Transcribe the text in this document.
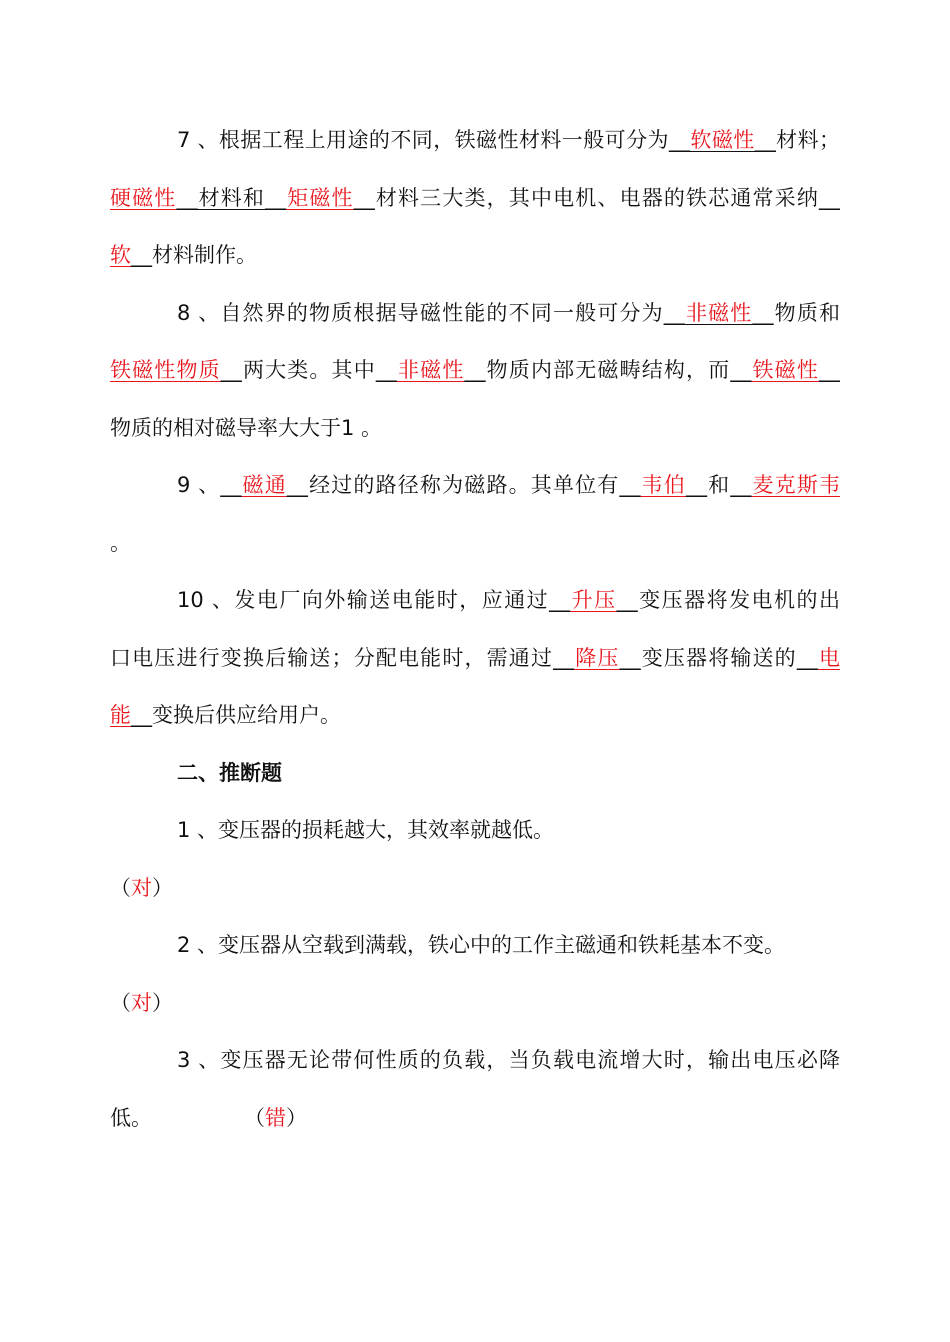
7 、根据工程上用途的不同，铁磁性材料一般可分为__软磁性__材料；
硬磁性__材料和__矩磁性__材料三大类，其中电机、电器的铁芯通常采纳__
软__材料制作。
8 、自然界的物质根据导磁性能的不同一般可分为__非磁性__物质和
铁磁性物质__两大类。其中__非磁性__物质内部无磁畴结构，而__铁磁性__
物质的相对磁导率大大于1 。
9 、__磁通__经过的路径称为磁路。其单位有__韦伯__和__麦克斯韦
。
10 、发电厂向外输送电能时，应通过__升压__变压器将发电机的出
口电压进行变换后输送；分配电能时，需通过__降压__变压器将输送的__电
能__变换后供应给用户。
二、推断题
1 、变压器的损耗越大，其效率就越低。
（对）
2 、变压器从空载到满载，铁心中的工作主磁通和铁耗基本不变。
（对）
3 、变压器无论带何性质的负载，当负载电流增大时，输出电压必降
低。	（错）
